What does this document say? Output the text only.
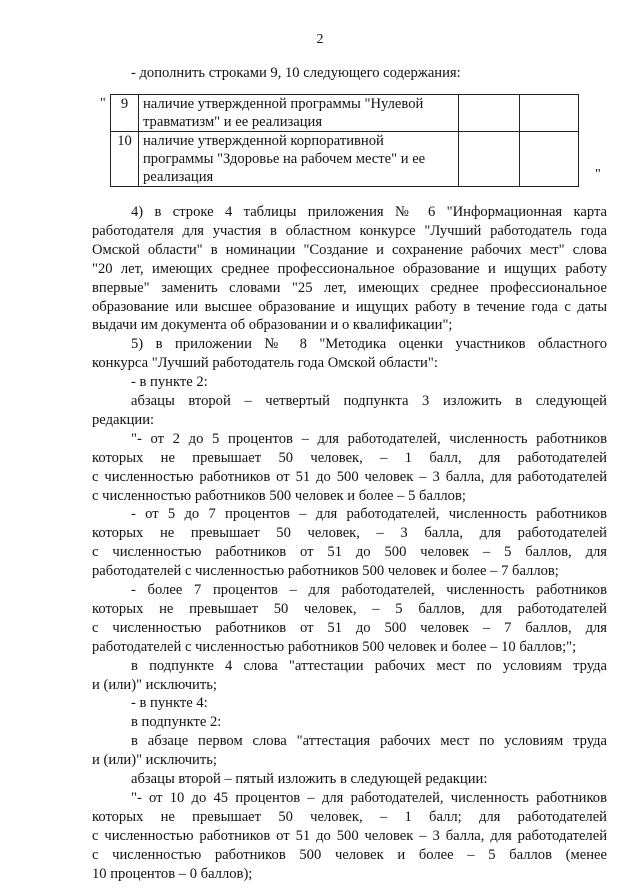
2
- дополнить строками 9, 10 следующего содержания:
" 9	наличие утвержденной программы "Нулевой
травматизм" и ее реализация		

10	наличие утвержденной корпоративной
программы "Здоровье на рабочем месте" и ее
реализация		
			"
4) в строке 4 таблицы приложения № 6 "Информационная карта
работодателя для участия в областном конкурсе "Лучший работодатель года
Омской области" в номинации "Создание и сохранение рабочих мест" слова
"20 лет, имеющих среднее профессиональное образование и ищущих работу
впервые" заменить словами "25 лет, имеющих среднее профессиональное
образование или высшее образование и ищущих работу в течение года с даты
выдачи им документа об образовании и о квалификации";
5) в приложении № 8 "Методика оценки участников областного
конкурса "Лучший работодатель года Омской области":
- в пункте 2:
абзацы второй – четвертый подпункта 3 изложить в следующей
редакции:
"- от 2 до 5 процентов – для работодателей, численность работников
которых не превышает 50 человек, – 1 балл, для работодателей
с численностью работников от 51 до 500 человек – 3 балла, для работодателей
с численностью работников 500 человек и более – 5 баллов;
- от 5 до 7 процентов – для работодателей, численность работников
которых не превышает 50 человек, – 3 балла, для работодателей
с численностью работников от 51 до 500 человек – 5 баллов, для
работодателей с численностью работников 500 человек и более – 7 баллов;
- более 7 процентов – для работодателей, численность работников
которых не превышает 50 человек, – 5 баллов, для работодателей
с численностью работников от 51 до 500 человек – 7 баллов, для
работодателей с численностью работников 500 человек и более – 10 баллов;";
в подпункте 4 слова "аттестации рабочих мест по условиям труда
и (или)" исключить;
- в пункте 4:
в подпункте 2:
в абзаце первом слова "аттестация рабочих мест по условиям труда
и (или)" исключить;
абзацы второй – пятый изложить в следующей редакции:
"- от 10 до 45 процентов – для работодателей, численность работников
которых не превышает 50 человек, – 1 балл; для работодателей
с численностью работников от 51 до 500 человек – 3 балла, для работодателей
с численностью работников 500 человек и более – 5 баллов (менее
10 процентов – 0 баллов);
